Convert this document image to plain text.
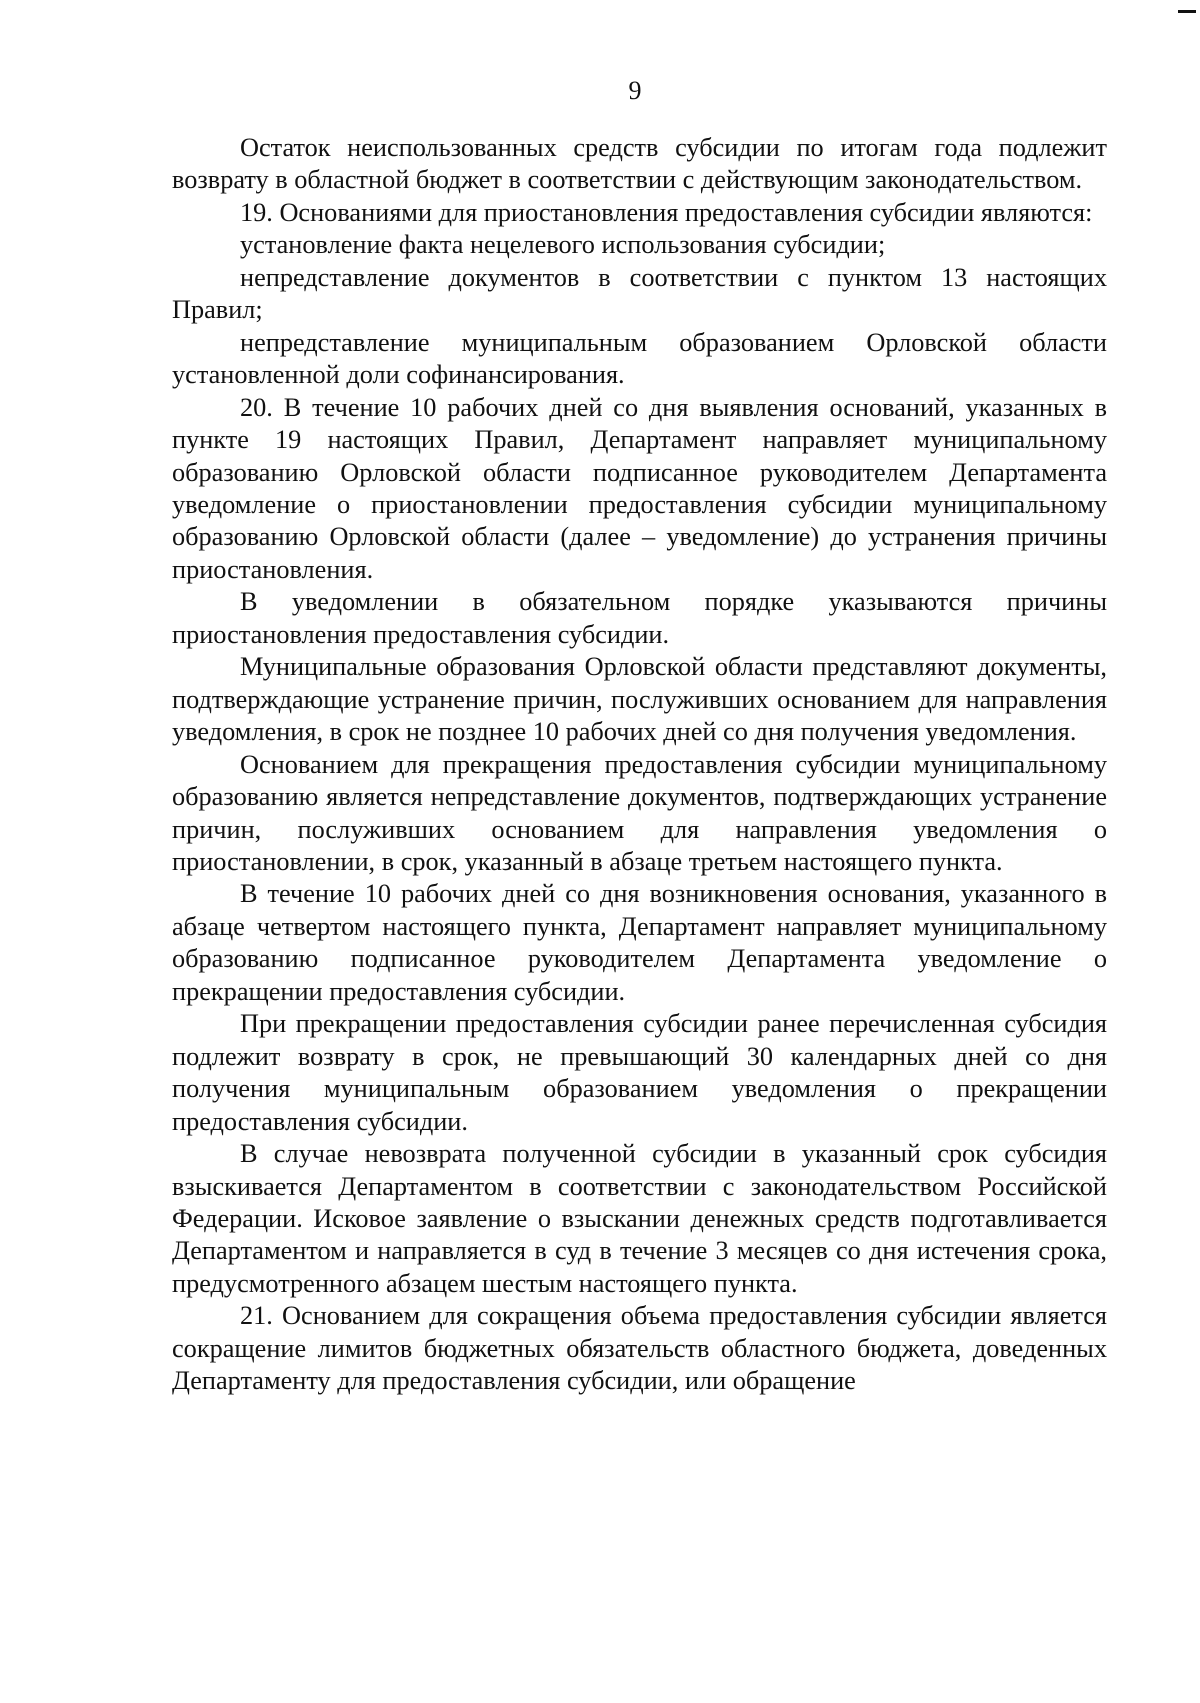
9

Остаток неиспользованных средств субсидии по итогам года подлежит возврату в областной бюджет в соответствии с действующим законодательством.

19. Основаниями для приостановления предоставления субсидии являются:

установление факта нецелевого использования субсидии;

непредставление документов в соответствии с пунктом 13 настоящих Правил;

непредставление муниципальным образованием Орловской области установленной доли софинансирования.

20. В течение 10 рабочих дней со дня выявления оснований, указанных в пункте 19 настоящих Правил, Департамент направляет муниципальному образованию Орловской области подписанное руководителем Департамента уведомление о приостановлении предоставления субсидии муниципальному образованию Орловской области (далее – уведомление) до устранения причины приостановления.

В уведомлении в обязательном порядке указываются причины приостановления предоставления субсидии.

Муниципальные образования Орловской области представляют документы, подтверждающие устранение причин, послуживших основанием для направления уведомления, в срок не позднее 10 рабочих дней со дня получения уведомления.

Основанием для прекращения предоставления субсидии муниципальному образованию является непредставление документов, подтверждающих устранение причин, послуживших основанием для направления уведомления о приостановлении, в срок, указанный в абзаце третьем настоящего пункта.

В течение 10 рабочих дней со дня возникновения основания, указанного в абзаце четвертом настоящего пункта, Департамент направляет муниципальному образованию подписанное руководителем Департамента уведомление о прекращении предоставления субсидии.

При прекращении предоставления субсидии ранее перечисленная субсидия подлежит возврату в срок, не превышающий 30 календарных дней со дня получения муниципальным образованием уведомления о прекращении предоставления субсидии.

В случае невозврата полученной субсидии в указанный срок субсидия взыскивается Департаментом в соответствии с законодательством Российской Федерации. Исковое заявление о взыскании денежных средств подготавливается Департаментом и направляется в суд в течение 3 месяцев со дня истечения срока, предусмотренного абзацем шестым настоящего пункта.

21. Основанием для сокращения объема предоставления субсидии является сокращение лимитов бюджетных обязательств областного бюджета, доведенных Департаменту для предоставления субсидии, или обращение
